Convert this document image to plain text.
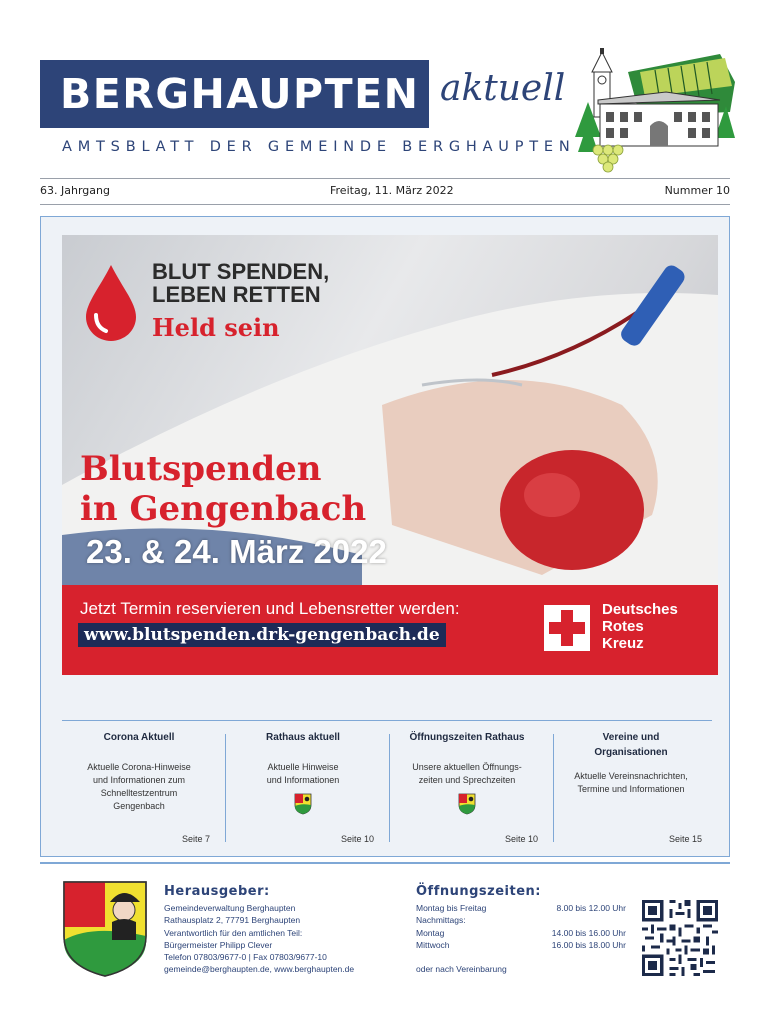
BERGHAUPTEN aktuell
AMTSBLATT DER GEMEINDE BERGHAUPTEN
63. Jahrgang	Freitag, 11. März 2022	Nummer 10
BLUT SPENDEN,
LEBEN RETTEN
Held sein
Blutspenden
in Gengenbach
23. & 24. März 2022
Jetzt Termin reservieren und Lebensretter werden:
www.blutspenden.drk-gengenbach.de
Deutsches
Rotes
Kreuz
Corona Aktuell
Aktuelle Corona-Hinweise
und Informationen zum
Schnelltestzentrum
Gengenbach
Seite 7
Rathaus aktuell
Aktuelle Hinweise
und Informationen
Seite 10
Öffnungszeiten Rathaus
Unsere aktuellen Öffnungs-
zeiten und Sprechzeiten
Seite 10
Vereine und
Organisationen
Aktuelle Vereinsnachrichten,
Termine und Informationen
Seite 15
Herausgeber:
Gemeindeverwaltung Berghaupten
Rathausplatz 2, 77791 Berghaupten
Verantwortlich für den amtlichen Teil:
Bürgermeister Philipp Clever
Telefon 07803/9677-0 | Fax 07803/9677-10
gemeinde@berghaupten.de, www.berghaupten.de
Öffnungszeiten:
Montag bis Freitag	8.00 bis 12.00 Uhr
Nachmittags:
Montag	14.00 bis 16.00 Uhr
Mittwoch	16.00 bis 18.00 Uhr
oder nach Vereinbarung
